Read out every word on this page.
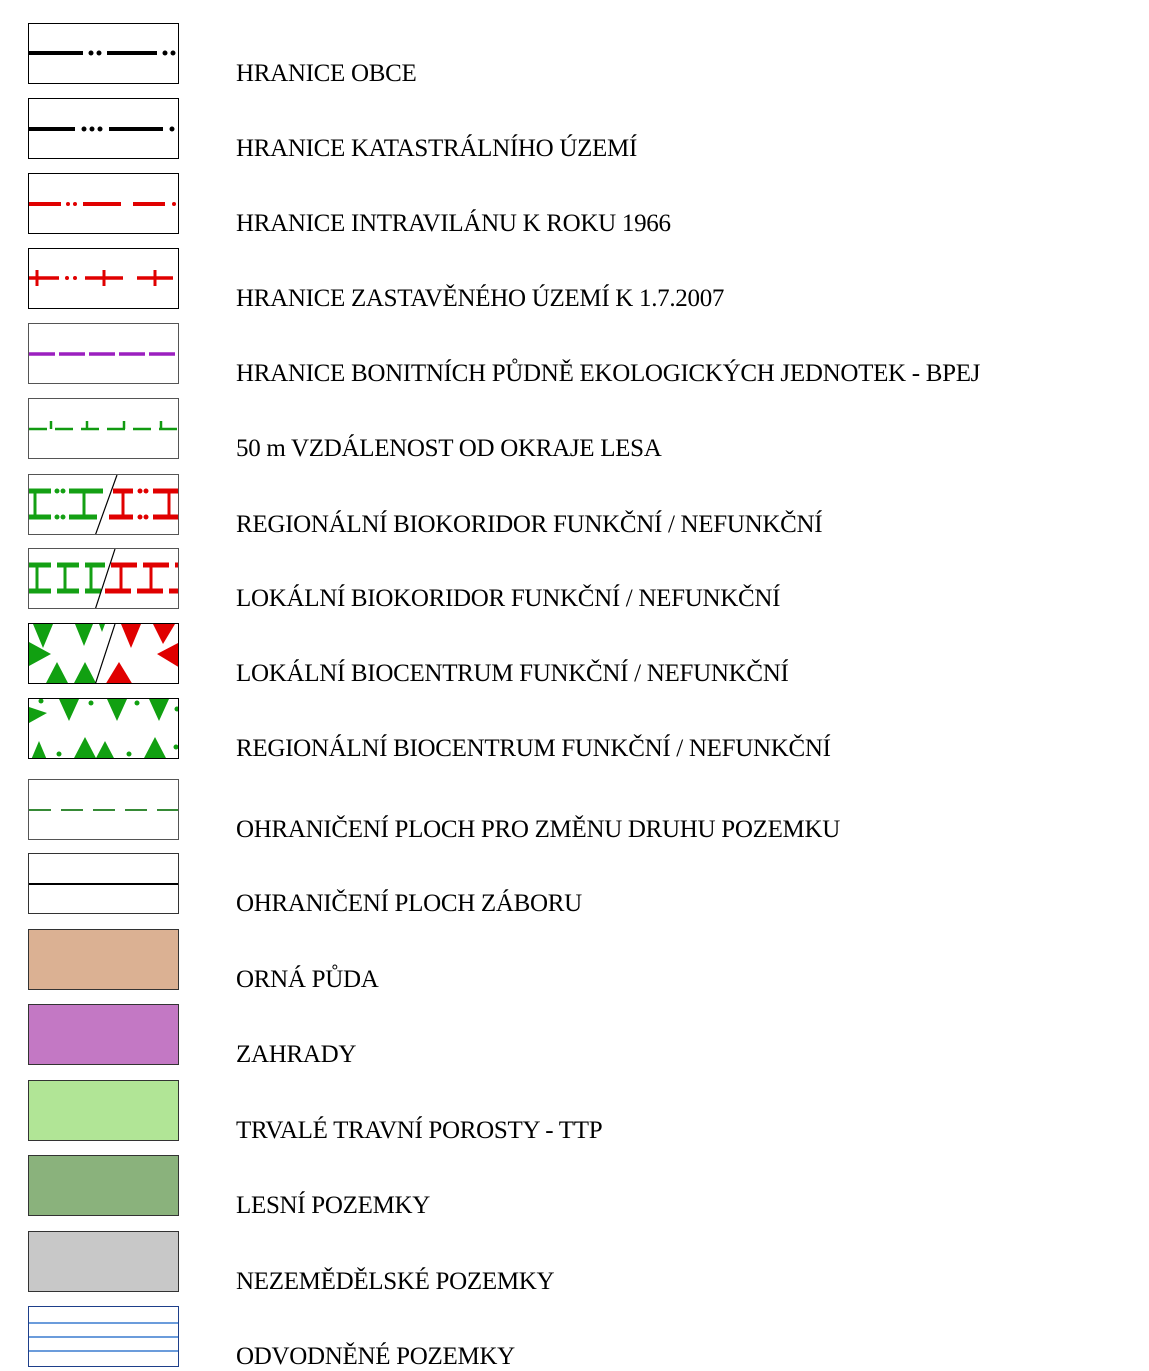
HRANICE OBCE
HRANICE KATASTRÁLNÍHO ÚZEMÍ
HRANICE INTRAVILÁNU K ROKU 1966
HRANICE ZASTAVĚNÉHO ÚZEMÍ K 1.7.2007
HRANICE BONITNÍCH PŮDNĚ EKOLOGICKÝCH JEDNOTEK - BPEJ
50 m VZDÁLENOST OD OKRAJE LESA
REGIONÁLNÍ BIOKORIDOR FUNKČNÍ / NEFUNKČNÍ
LOKÁLNÍ BIOKORIDOR FUNKČNÍ / NEFUNKČNÍ
LOKÁLNÍ BIOCENTRUM FUNKČNÍ / NEFUNKČNÍ
REGIONÁLNÍ BIOCENTRUM FUNKČNÍ / NEFUNKČNÍ
OHRANIČENÍ PLOCH PRO ZMĚNU DRUHU POZEMKU
OHRANIČENÍ PLOCH ZÁBORU
ORNÁ PŮDA
ZAHRADY
TRVALÉ TRAVNÍ POROSTY - TTP
LESNÍ POZEMKY
NEZEMĚDĚLSKÉ POZEMKY
ODVODNĚNÉ POZEMKY
